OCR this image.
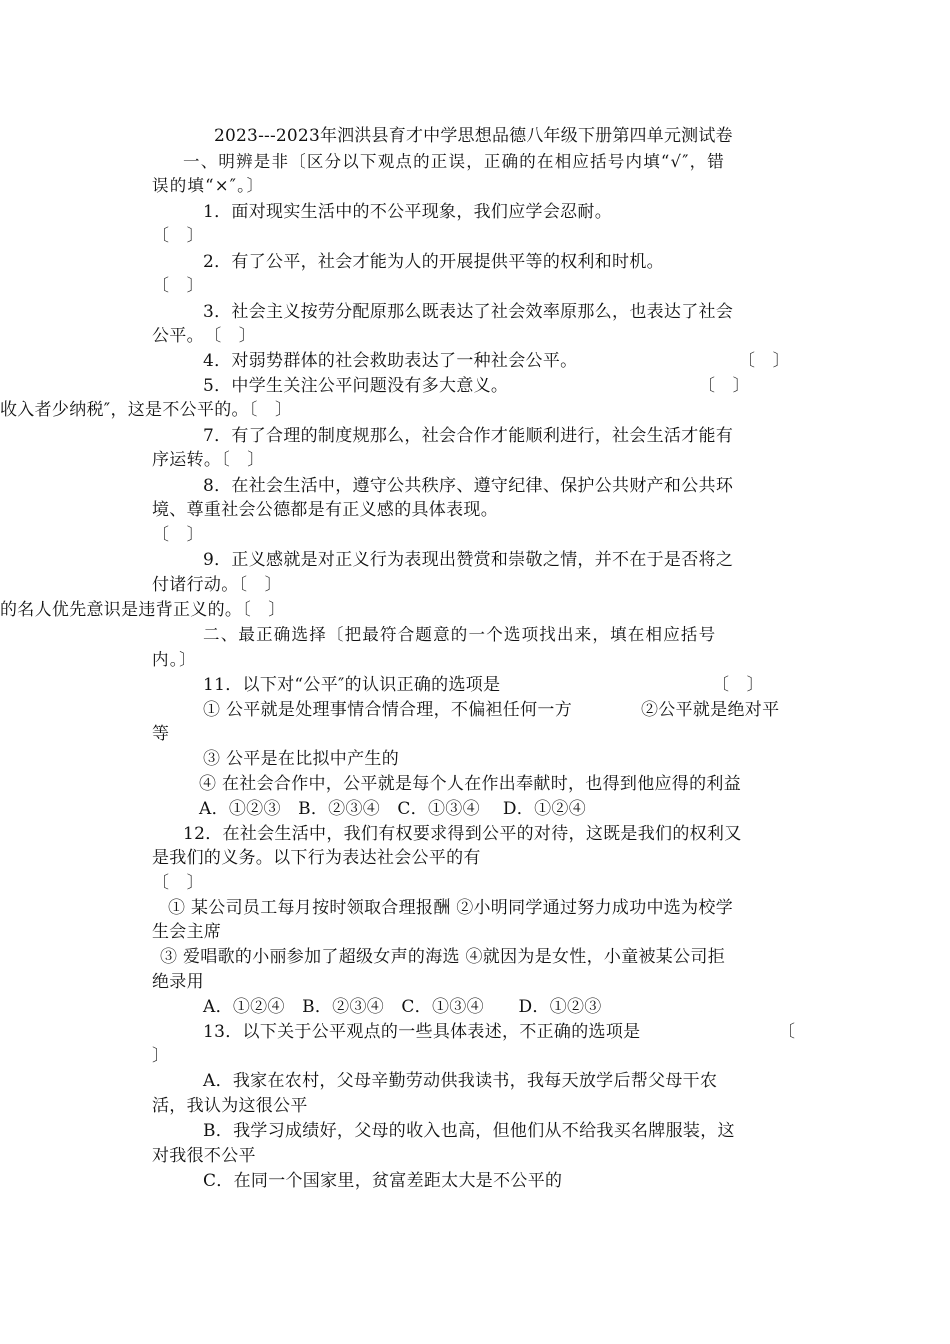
2023---2023年泗洪县育才中学思想品德八年级下册第四单元测试卷
一、明辨是非〔区分以下观点的正误，正确的在相应括号内填“√″，错
误的填“×″。〕
1．面对现实生活中的不公平现象，我们应学会忍耐。
〔　〕
2．有了公平，社会才能为人的开展提供平等的权利和时机。
〔　〕
3．社会主义按劳分配原那么既表达了社会效率原那么，也表达了社会
公平。　〔　〕
4．对弱势群体的社会救助表达了一种社会公平。	〔　〕
5．中学生关注公平问题没有多大意义。	〔　〕
收入者少纳税″，这是不公平的。〔　〕
7．有了合理的制度规那么，社会合作才能顺利进行，社会生活才能有
序运转。〔　〕
8．在社会生活中，遵守公共秩序、遵守纪律、保护公共财产和公共环
境、尊重社会公德都是有正义感的具体表现。
〔　〕
9．正义感就是对正义行为表现出赞赏和崇敬之情，并不在于是否将之
付诸行动。〔　〕
的名人优先意识是违背正义的。〔　〕
二、最正确选择〔把最符合题意的一个选项找出来，填在相应括号
内。〕
11．以下对“公平″的认识正确的选项是	〔　〕
① 公平就是处理事情合情合理，不偏袒任何一方	②公平就是绝对平
等
③ 公平是在比拟中产生的
④ 在社会合作中，公平就是每个人在作出奉献时，也得到他应得的利益
A．①②③　B．②③④　C．①③④　 D．①②④
12．在社会生活中，我们有权要求得到公平的对待，这既是我们的权利又
是我们的义务。以下行为表达社会公平的有
〔　〕
① 某公司员工每月按时领取合理报酬 ②小明同学通过努力成功中选为校学
生会主席
③ 爱唱歌的小丽参加了超级女声的海选 ④就因为是女性，小童被某公司拒
绝录用
A．①②④　B．②③④　C．①③④　　D．①②③
13．以下关于公平观点的一些具体表述，不正确的选项是	〔
〕
A．我家在农村，父母辛勤劳动供我读书，我每天放学后帮父母干农
活，我认为这很公平
B．我学习成绩好，父母的收入也高，但他们从不给我买名牌服装，这
对我很不公平
C．在同一个国家里，贫富差距太大是不公平的
